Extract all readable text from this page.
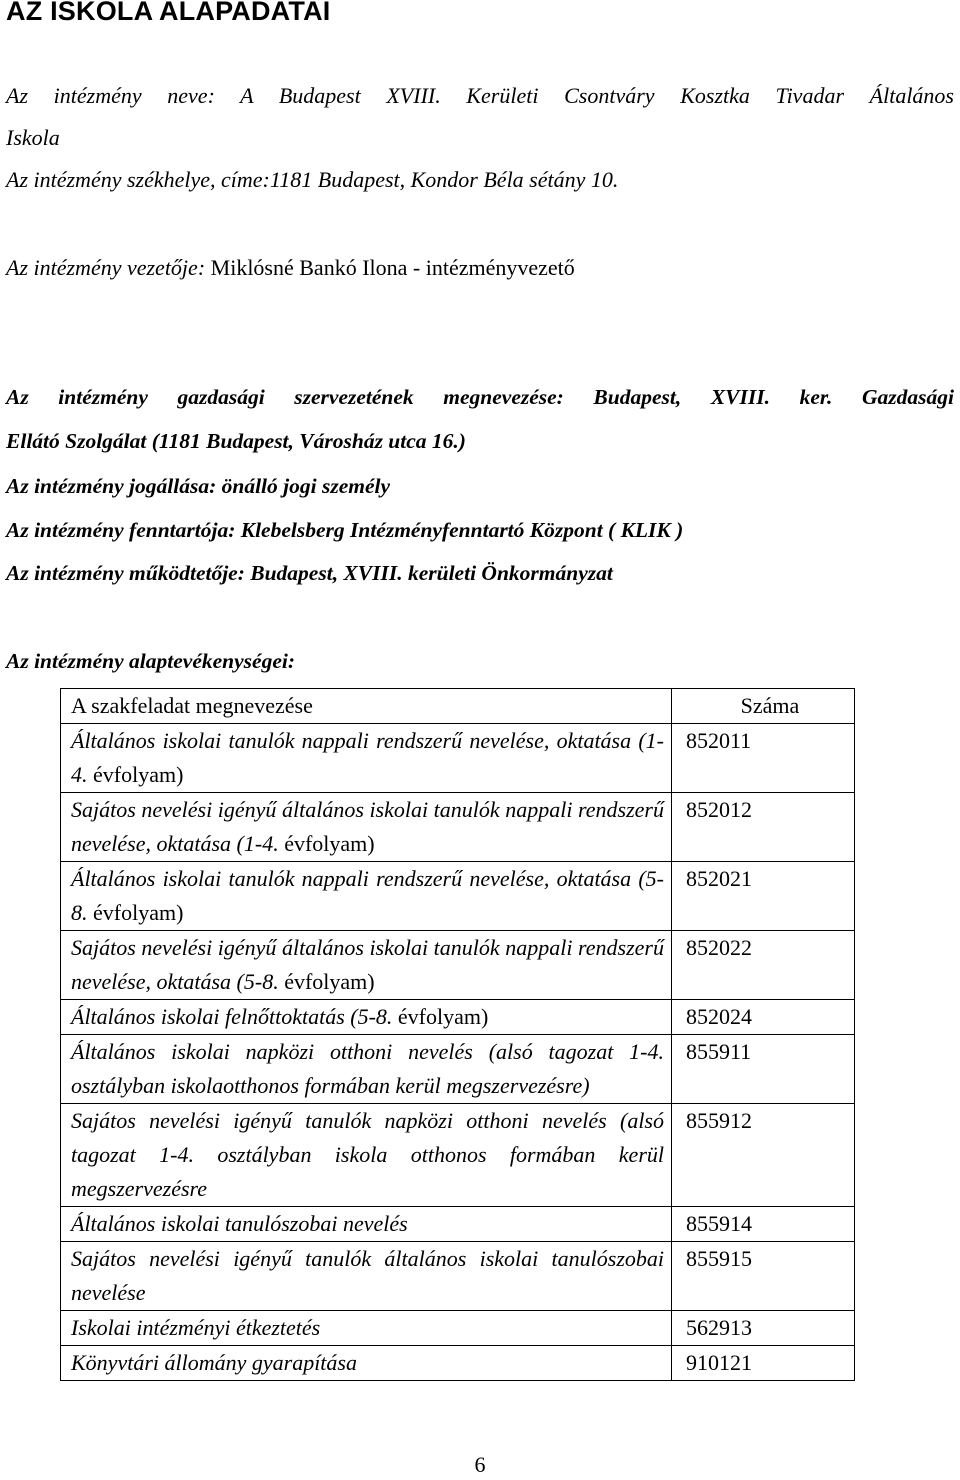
AZ ISKOLA ALAPADATAI

Az intézmény neve: A Budapest XVIII. Kerületi Csontváry Kosztka Tivadar Általános

Iskola

Az intézmény székhelye, címe:1181 Budapest, Kondor Béla sétány 10.

Az intézmény vezetője: Miklósné Bankó Ilona - intézményvezető

Az intézmény gazdasági szervezetének megnevezése: Budapest, XVIII. ker. Gazdasági

Ellátó Szolgálat (1181 Budapest, Városház utca 16.)

Az intézmény jogállása: önálló jogi személy

Az intézmény fenntartója: Klebelsberg Intézményfenntartó Központ ( KLIK )

Az intézmény működtetője: Budapest, XVIII. kerületi Önkormányzat

Az intézmény alaptevékenységei:

A szakfeladat megnevezése	Száma
Általános iskolai tanulók nappali rendszerű nevelése, oktatása (1-4. évfolyam)	852011
Sajátos nevelési igényű általános iskolai tanulók nappali rendszerű nevelése, oktatása (1-4. évfolyam)	852012
Általános iskolai tanulók nappali rendszerű nevelése, oktatása (5-8. évfolyam)	852021
Sajátos nevelési igényű általános iskolai tanulók nappali rendszerű nevelése, oktatása (5-8. évfolyam)	852022
Általános iskolai felnőttoktatás (5-8. évfolyam)	852024
Általános iskolai napközi otthoni nevelés (alsó tagozat 1-4. osztályban iskolaotthonos formában kerül megszervezésre)	855911
Sajátos nevelési igényű tanulók napközi otthoni nevelés (alsó tagozat 1-4. osztályban iskola otthonos formában kerül megszervezésre	855912
Általános iskolai tanulószobai nevelés	855914
Sajátos nevelési igényű tanulók általános iskolai tanulószobai nevelése	855915
Iskolai intézményi étkeztetés	562913
Könyvtári állomány gyarapítása	910121

6
